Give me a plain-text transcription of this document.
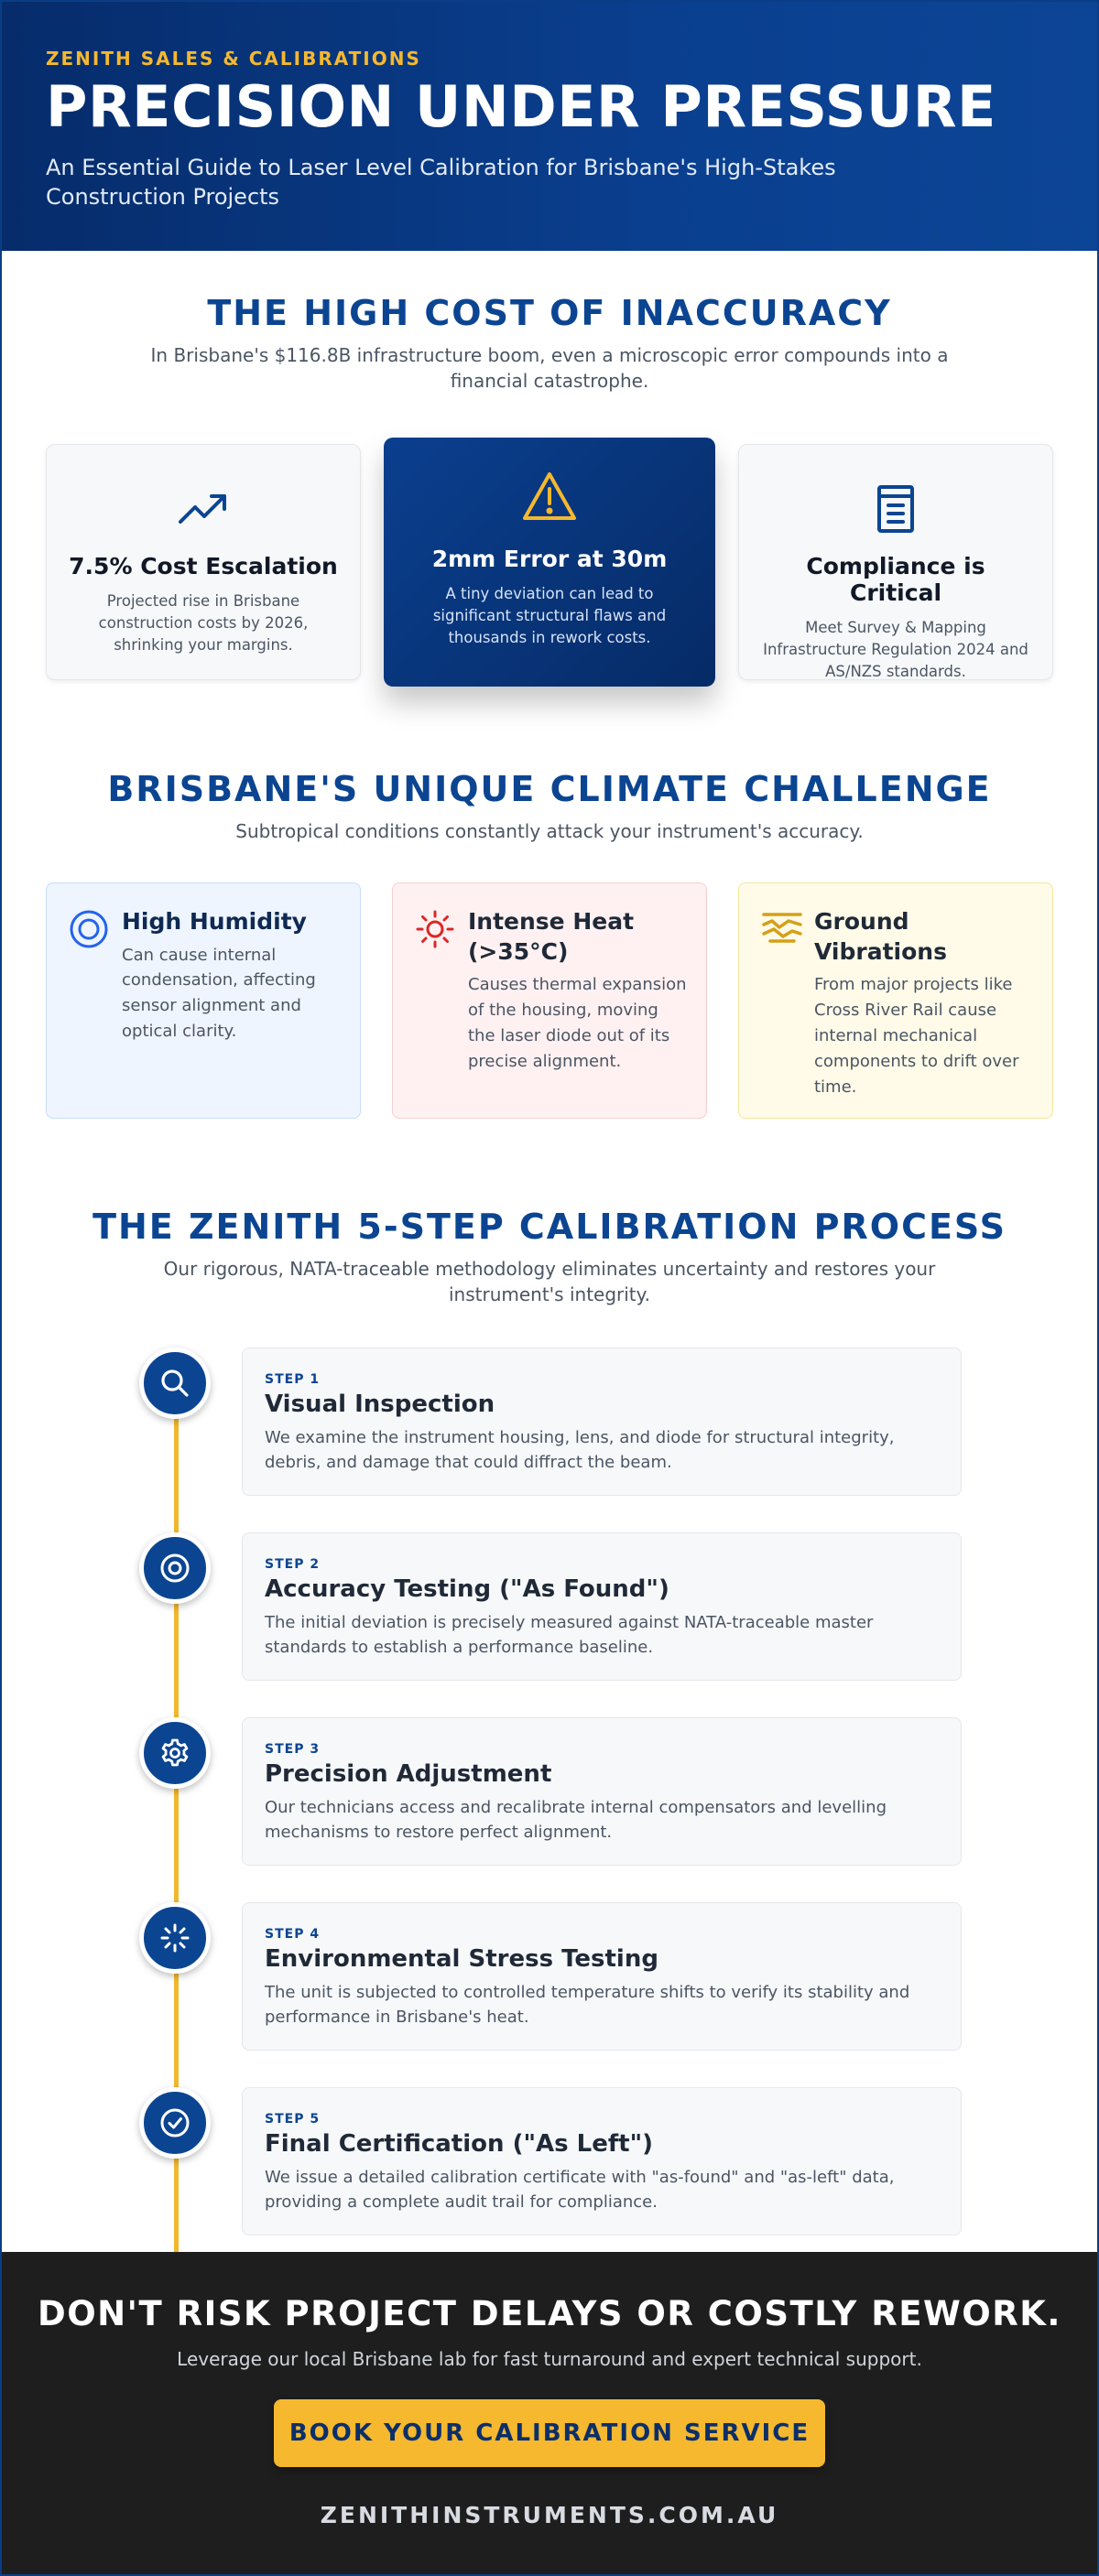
ZENITH SALES & CALIBRATIONS
PRECISION UNDER PRESSURE
An Essential Guide to Laser Level Calibration for Brisbane's High-Stakes Construction Projects
THE HIGH COST OF INACCURACY

In Brisbane's $116.8B infrastructure boom, even a microscopic error compounds into a financial catastrophe.

7.5% Cost Escalation

Projected rise in Brisbane construction costs by 2026, shrinking your margins.

2mm Error at 30m

A tiny deviation can lead to significant structural flaws and thousands in rework costs.

Compliance is Critical

Meet Survey & Mapping Infrastructure Regulation 2024 and AS/NZS standards.

BRISBANE'S UNIQUE CLIMATE CHALLENGE

Subtropical conditions constantly attack your instrument's accuracy.

High Humidity

Can cause internal condensation, affecting sensor alignment and optical clarity.

Intense Heat (>35°C)

Causes thermal expansion of the housing, moving the laser diode out of its precise alignment.

Ground Vibrations

From major projects like Cross River Rail cause internal mechanical components to drift over time.

THE ZENITH 5-STEP CALIBRATION PROCESS

Our rigorous, NATA-traceable methodology eliminates uncertainty and restores your instrument's integrity.

STEP 1
Visual Inspection

We examine the instrument housing, lens, and diode for structural integrity, debris, and damage that could diffract the beam.

STEP 2
Accuracy Testing ("As Found")

The initial deviation is precisely measured against NATA-traceable master standards to establish a performance baseline.

STEP 3
Precision Adjustment

Our technicians access and recalibrate internal compensators and levelling mechanisms to restore perfect alignment.

STEP 4
Environmental Stress Testing

The unit is subjected to controlled temperature shifts to verify its stability and performance in Brisbane's heat.

STEP 5
Final Certification ("As Left")

We issue a detailed calibration certificate with "as-found" and "as-left" data, providing a complete audit trail for compliance.

DON'T RISK PROJECT DELAYS OR COSTLY REWORK.

Leverage our local Brisbane lab for fast turnaround and expert technical support.

BOOK YOUR CALIBRATION SERVICE
ZENITHINSTRUMENTS.COM.AU
